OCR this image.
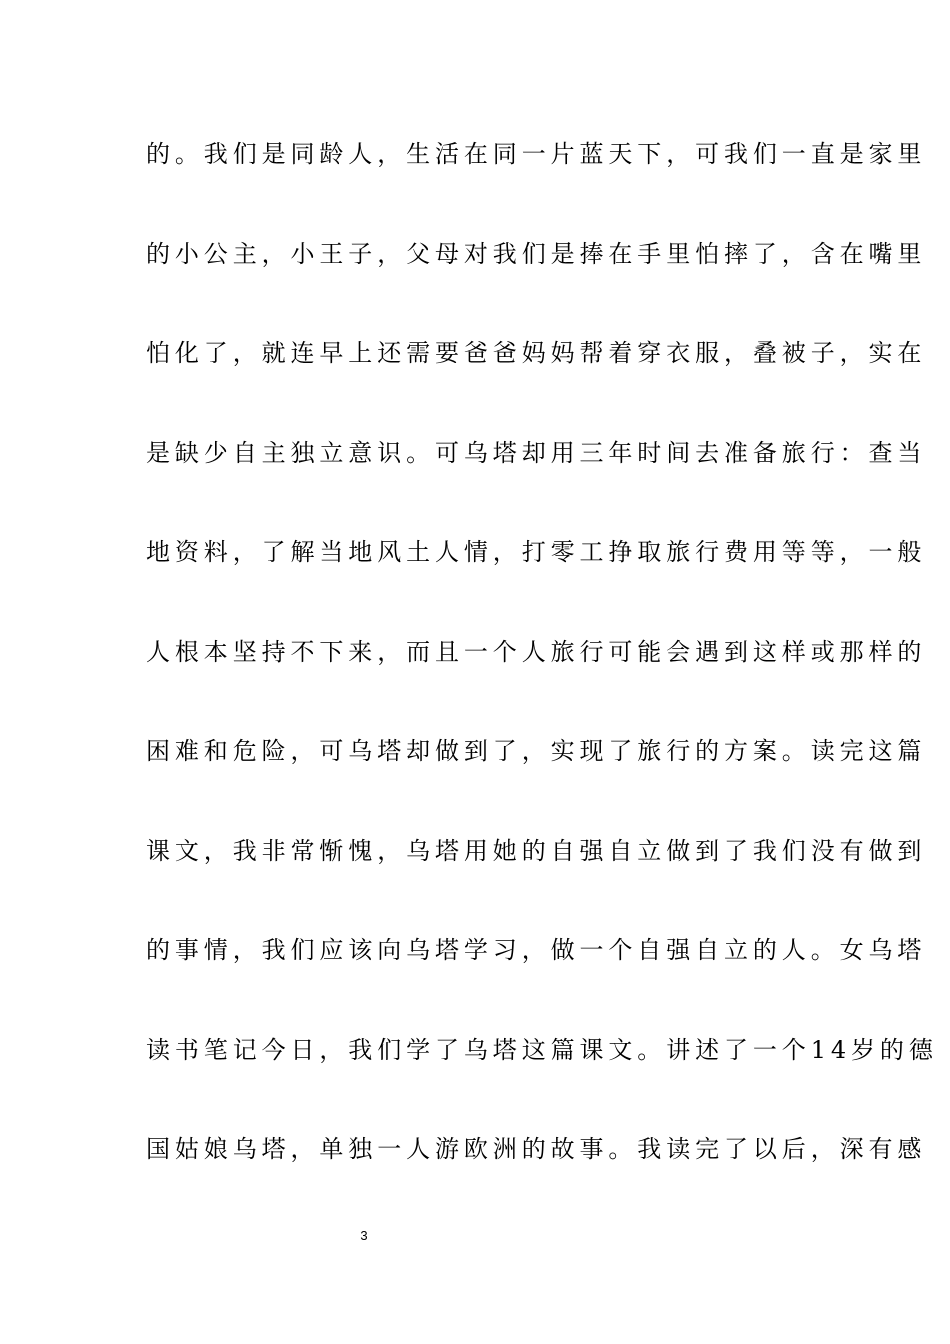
的。我们是同龄人，生活在同一片蓝天下，可我们一直是家里
的小公主，小王子，父母对我们是捧在手里怕摔了，含在嘴里
怕化了，就连早上还需要爸爸妈妈帮着穿衣服，叠被子，实在
是缺少自主独立意识。可乌塔却用三年时间去准备旅行：查当
地资料，了解当地风土人情，打零工挣取旅行费用等等，一般
人根本坚持不下来，而且一个人旅行可能会遇到这样或那样的
困难和危险，可乌塔却做到了，实现了旅行的方案。读完这篇
课文，我非常惭愧，乌塔用她的自强自立做到了我们没有做到
的事情，我们应该向乌塔学习，做一个自强自立的人。女乌塔
读书笔记今日，我们学了乌塔这篇课文。讲述了一个14岁的德
国姑娘乌塔，单独一人游欧洲的故事。我读完了以后，深有感
3
